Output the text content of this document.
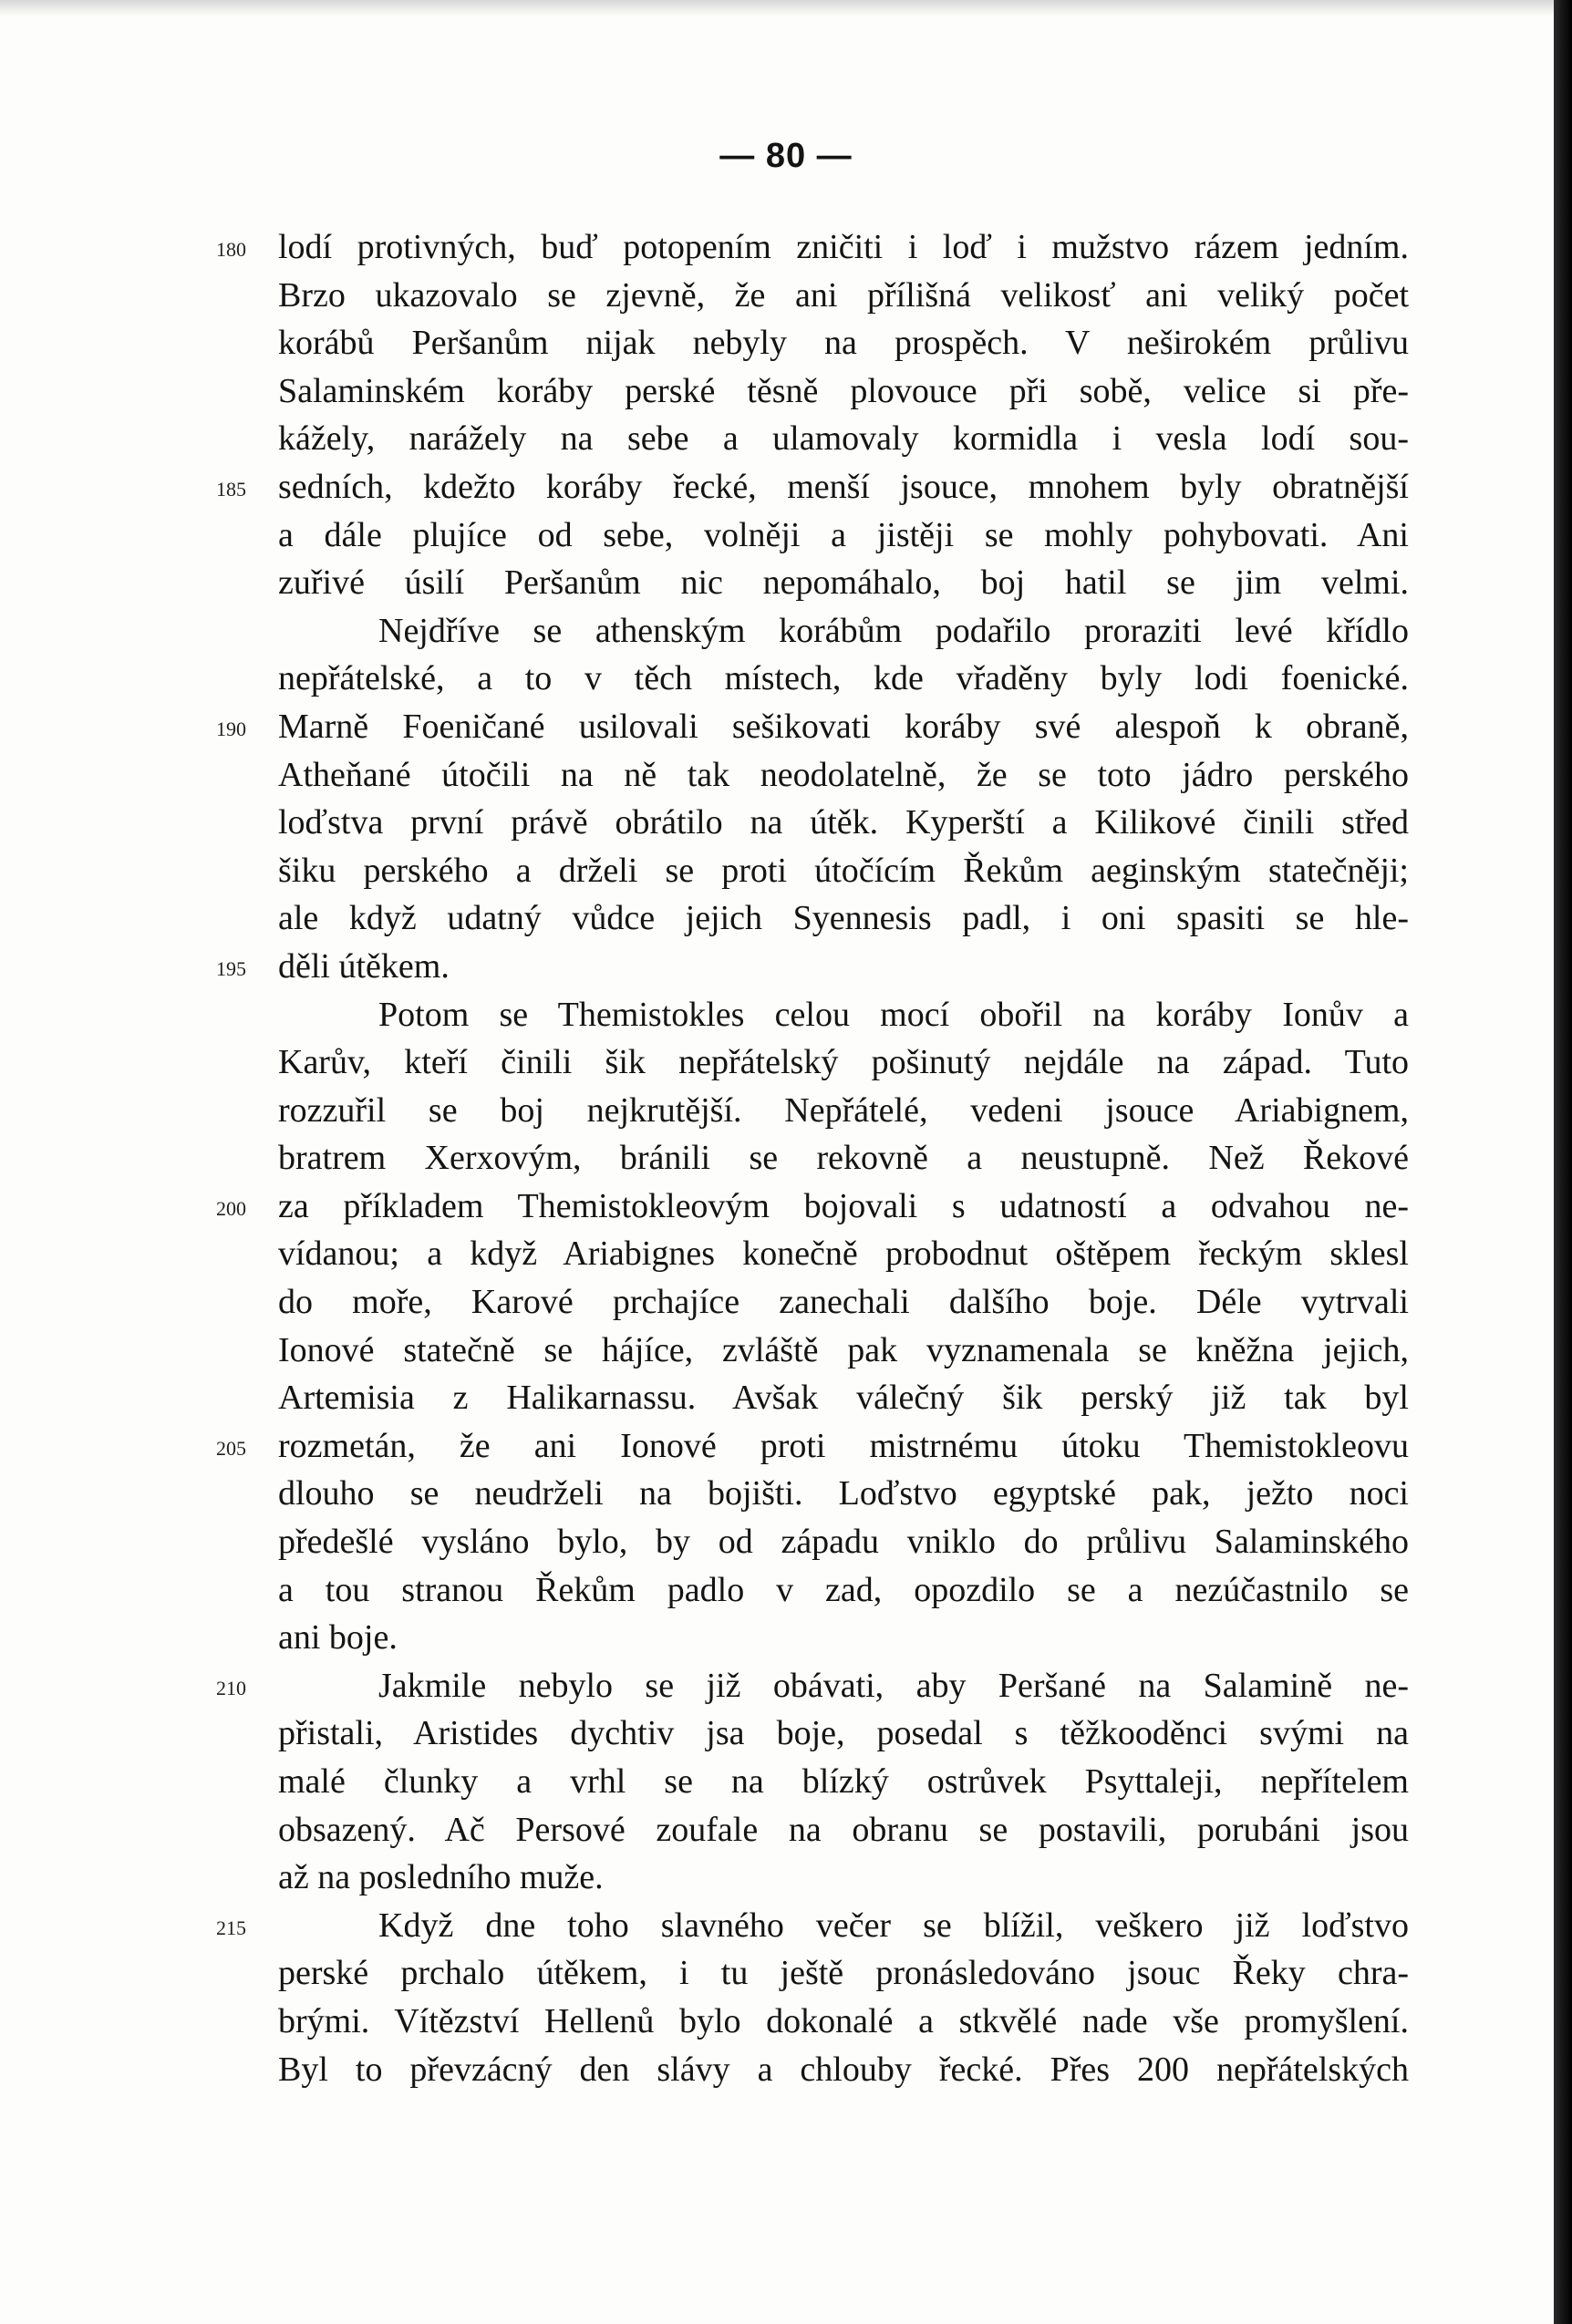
— 80 —
180 lodí protivných, buď potopením zničiti i loď i mužstvo rázem jedním.
Brzo ukazovalo se zjevně, že ani přílišná velikosť ani veliký počet
korábů Peršanům nijak nebyly na prospěch. V neširokém průlivu
Salaminském koráby perské těsně plovouce při sobě, velice si pře-
kážely, narážely na sebe a ulamovaly kormidla i vesla lodí sou-
185 sedních, kdežto koráby řecké, menší jsouce, mnohem byly obratnější
a dále plujíce od sebe, volněji a jistěji se mohly pohybovati. Ani
zuřivé úsilí Peršanům nic nepomáhalo, boj hatil se jim velmi.
Nejdříve se athenským korábům podařilo proraziti levé křídlo
nepřátelské, a to v těch místech, kde vřaděny byly lodi foenické.
190 Marně Foeničané usilovali sešikovati koráby své alespoň k obraně,
Atheňané útočili na ně tak neodolatelně, že se toto jádro perského
loďstva první právě obrátilo na útěk. Kyperští a Kilikové činili střed
šiku perského a drželi se proti útočícím Řekům aeginským statečněji;
ale když udatný vůdce jejich Syennesis padl, i oni spasiti se hle-
195 děli útěkem.
Potom se Themistokles celou mocí obořil na koráby Ionův a
Karův, kteří činili šik nepřátelský pošinutý nejdále na západ. Tuto
rozzuřil se boj nejkrutější. Nepřátelé, vedeni jsouce Ariabignem,
bratrem Xerxovým, bránili se rekovně a neustupně. Než Řekové
200 za příkladem Themistokleovým bojovali s udatností a odvahou ne-
vídanou; a když Ariabignes konečně probodnut oštěpem řeckým sklesl
do moře, Karové prchajíce zanechali dalšího boje. Déle vytrvali
Ionové statečně se hájíce, zvláště pak vyznamenala se kněžna jejich,
Artemisia z Halikarnassu. Avšak válečný šik perský již tak byl
205 rozmetán, že ani Ionové proti mistrnému útoku Themistokleovu
dlouho se neudrželi na bojišti. Loďstvo egyptské pak, ježto noci
předešlé vysláno bylo, by od západu vniklo do průlivu Salaminského
a tou stranou Řekům padlo v zad, opozdilo se a nezúčastnilo se
ani boje.
210	Jakmile nebylo se již obávati, aby Peršané na Salamině ne-
přistali, Aristides dychtiv jsa boje, posedal s těžkooděnci svými na
malé člunky a vrhl se na blízký ostrůvek Psyttaleji, nepřítelem
obsazený. Ač Persové zoufale na obranu se postavili, porubáni jsou
až na posledního muže.
215	Když dne toho slavného večer se blížil, veškero již loďstvo
perské prchalo útěkem, i tu ještě pronásledováno jsouc Řeky chra-
brými. Vítězství Hellenů bylo dokonalé a stkvělé nade vše promyšlení.
Byl to převzácný den slávy a chlouby řecké. Přes 200 nepřátelských
